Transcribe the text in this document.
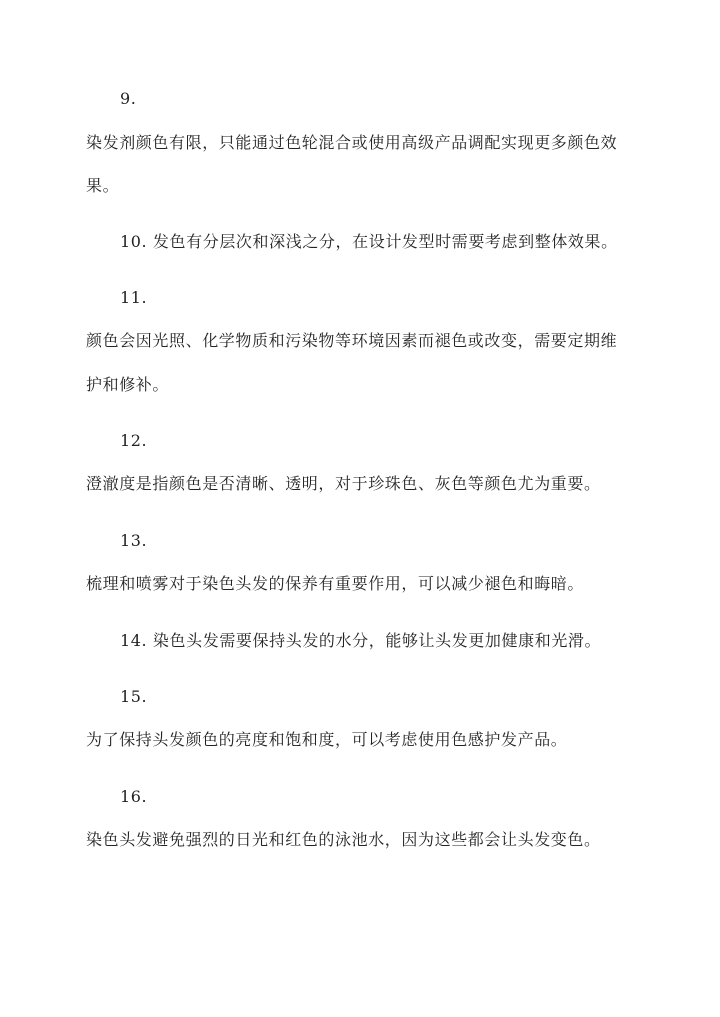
9.

染发剂颜色有限，只能通过色轮混合或使用高级产品调配实现更多颜色效

果。

10. 发色有分层次和深浅之分，在设计发型时需要考虑到整体效果。

11.

颜色会因光照、化学物质和污染物等环境因素而褪色或改变，需要定期维

护和修补。

12.

澄澈度是指颜色是否清晰、透明，对于珍珠色、灰色等颜色尤为重要。

13.

梳理和喷雾对于染色头发的保养有重要作用，可以减少褪色和晦暗。

14. 染色头发需要保持头发的水分，能够让头发更加健康和光滑。

15.

为了保持头发颜色的亮度和饱和度，可以考虑使用色感护发产品。

16.

染色头发避免强烈的日光和红色的泳池水，因为这些都会让头发变色。
